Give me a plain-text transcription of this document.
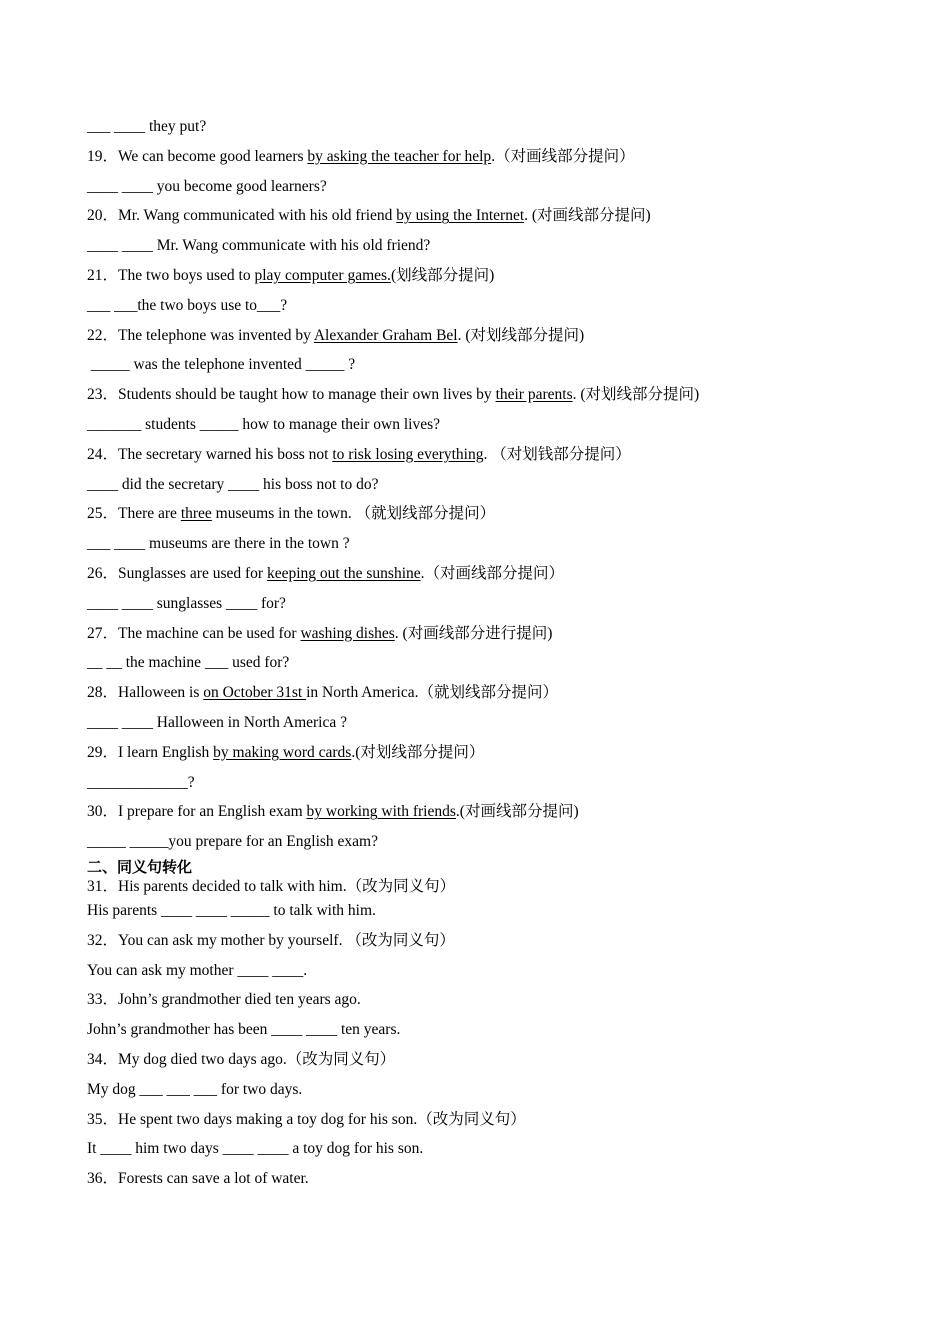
___ ____ they put?
19．We can become good learners by asking the teacher for help.（对画线部分提问）
____ ____ you become good learners?
20．Mr. Wang communicated with his old friend by using the Internet. (对画线部分提问)
____ ____ Mr. Wang communicate with his old friend?
21．The two boys used to play computer games.(划线部分提问)
___ ___the two boys use to___?
22．The telephone was invented by Alexander Graham Bel. (对划线部分提问)
_____ was the telephone invented _____ ?
23．Students should be taught how to manage their own lives by their parents. (对划线部分提问)
_______ students _____ how to manage their own lives?
24．The secretary warned his boss not to risk losing everything. （对划钱部分提问）
____ did the secretary ____ his boss not to do?
25．There are three museums in the town. （就划线部分提问）
___ ____ museums are there in the town ?
26．Sunglasses are used for keeping out the sunshine.（对画线部分提问）
____ ____ sunglasses ____ for?
27．The machine can be used for washing dishes. (对画线部分进行提问)
__ __ the machine ___ used for?
28．Halloween is on October 31st in North America.（就划线部分提问）
____ ____ Halloween in North America ?
29．I learn English by making word cards.(对划线部分提问）
_____________?
30．I prepare for an English exam by working with friends.(对画线部分提问)
_____ _____you prepare for an English exam?
二、同义句转化
31．His parents decided to talk with him.（改为同义句）
His parents ____ ____ _____ to talk with him.
32．You can ask my mother by yourself. （改为同义句）
You can ask my mother ____ ____.
33．John’s grandmother died ten years ago.
John’s grandmother has been ____ ____ ten years.
34．My dog died two days ago.（改为同义句）
My dog ___ ___ ___ for two days.
35．He spent two days making a toy dog for his son.（改为同义句）
It ____ him two days ____ ____ a toy dog for his son.
36．Forests can save a lot of water.
